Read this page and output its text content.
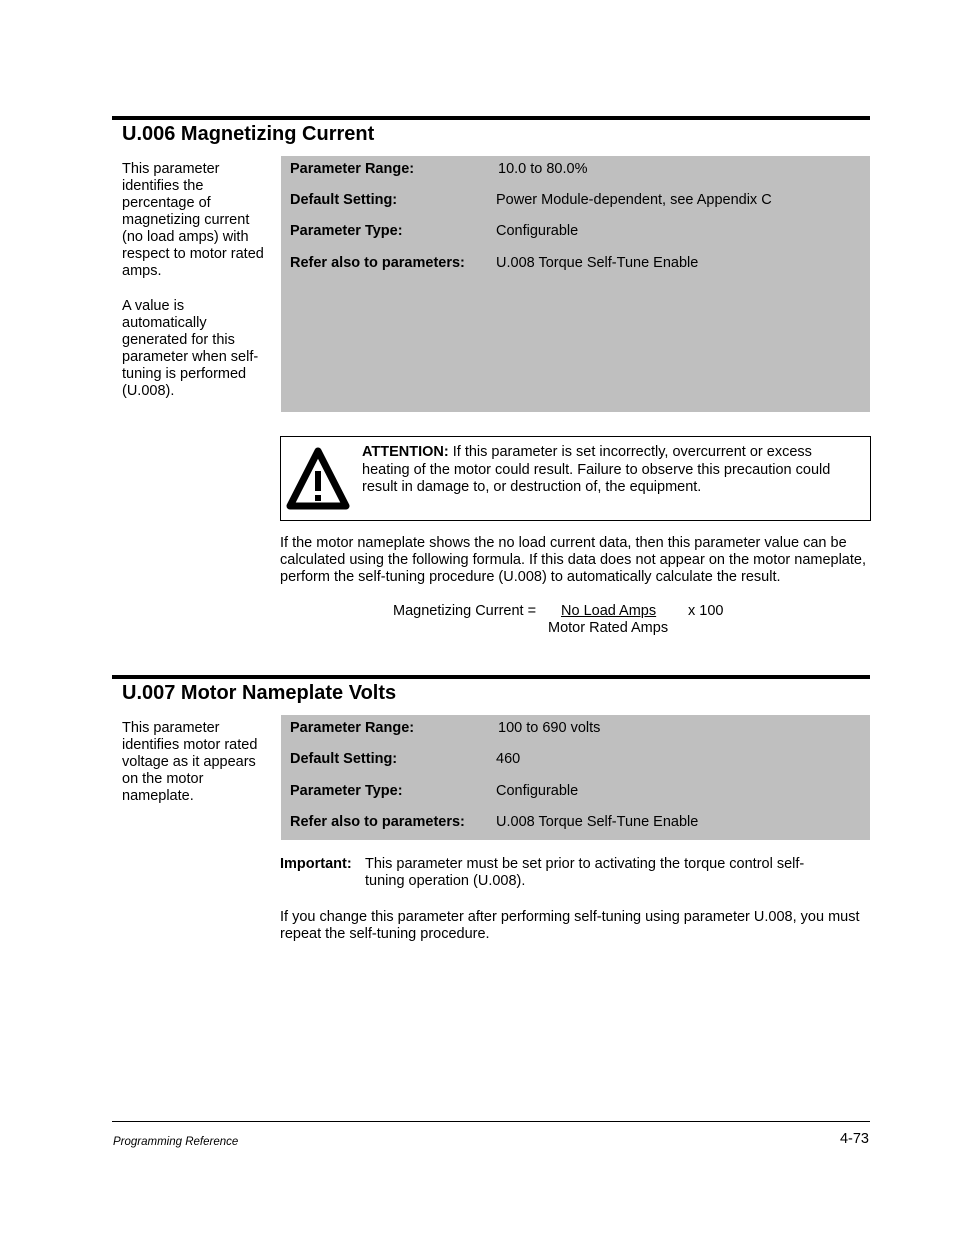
U.006 Magnetizing Current

This parameter identifies the percentage of magnetizing current (no load amps) with respect to motor rated amps.

A value is automatically generated for this parameter when self-tuning is performed (U.008).

Parameter Range:	10.0 to 80.0%
Default Setting:	Power Module-dependent, see Appendix C
Parameter Type:	Configurable
Refer also to parameters: U.008 Torque Self-Tune Enable
ATTENTION: If this parameter is set incorrectly, overcurrent or excess heating of the motor could result. Failure to observe this precaution could result in damage to, or destruction of, the equipment.
If the motor nameplate shows the no load current data, then this parameter value can be calculated using the following formula. If this data does not appear on the motor nameplate, perform the self-tuning procedure (U.008) to automatically calculate the result.
Magnetizing Current =	No Load Amps	x 100
Motor Rated Amps
U.007 Motor Nameplate Volts

This parameter identifies motor rated voltage as it appears on the motor nameplate.

Parameter Range:	100 to 690 volts
Default Setting:	460
Parameter Type:	Configurable
Refer also to parameters: U.008 Torque Self-Tune Enable
Important: This parameter must be set prior to activating the torque control self-tuning operation (U.008).
If you change this parameter after performing self-tuning using parameter U.008, you must repeat the self-tuning procedure.
Programming Reference	4-73
